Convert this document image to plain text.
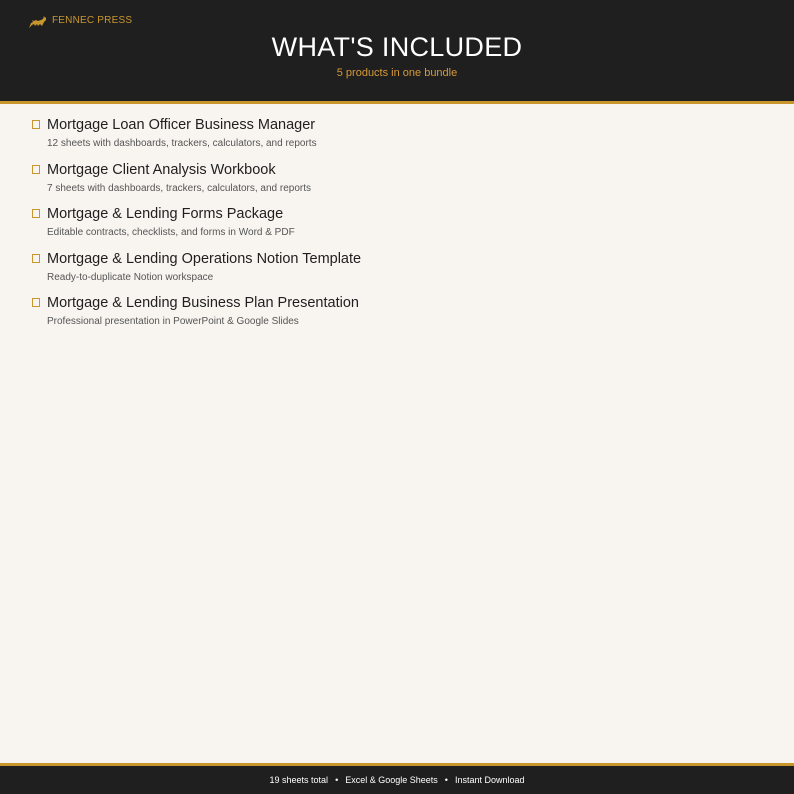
FENNEC PRESS
WHAT'S INCLUDED
5 products in one bundle
Mortgage Loan Officer Business Manager
12 sheets with dashboards, trackers, calculators, and reports
Mortgage Client Analysis Workbook
7 sheets with dashboards, trackers, calculators, and reports
Mortgage & Lending Forms Package
Editable contracts, checklists, and forms in Word & PDF
Mortgage & Lending Operations Notion Template
Ready-to-duplicate Notion workspace
Mortgage & Lending Business Plan Presentation
Professional presentation in PowerPoint & Google Slides
19 sheets total • Excel & Google Sheets • Instant Download
